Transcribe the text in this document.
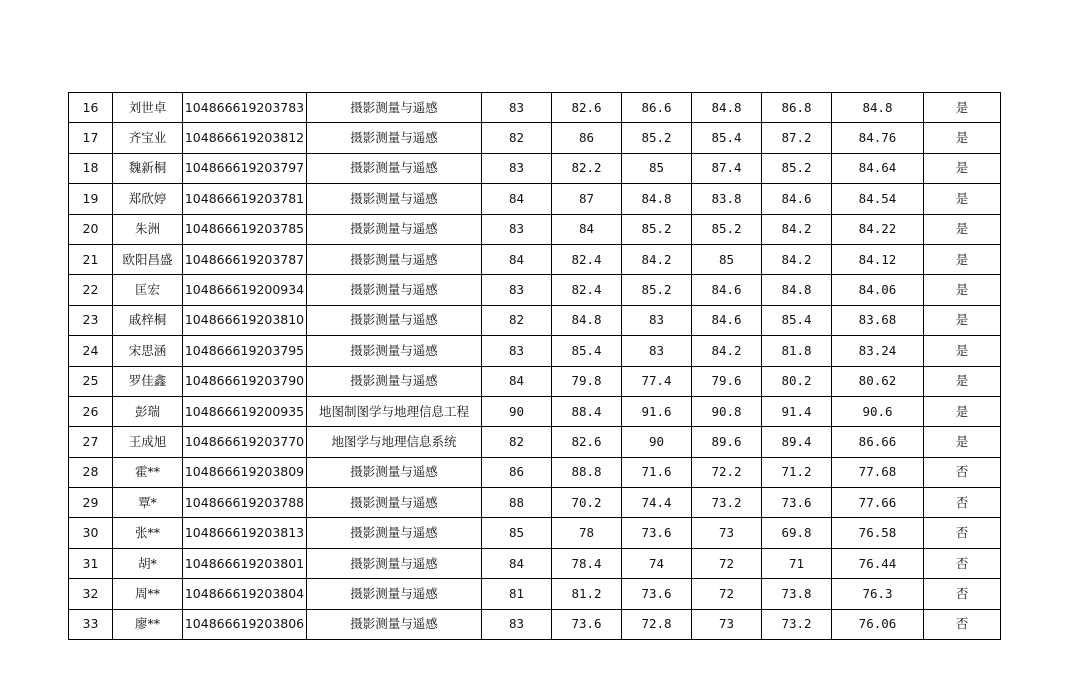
16	刘世卓	104866619203783	摄影测量与遥感	83	82.6	86.6	84.8	86.8	84.8	是
17	齐宝业	104866619203812	摄影测量与遥感	82	86	85.2	85.4	87.2	84.76	是
18	魏新桐	104866619203797	摄影测量与遥感	83	82.2	85	87.4	85.2	84.64	是
19	郑欣婷	104866619203781	摄影测量与遥感	84	87	84.8	83.8	84.6	84.54	是
20	朱洲	104866619203785	摄影测量与遥感	83	84	85.2	85.2	84.2	84.22	是
21	欧阳昌盛	104866619203787	摄影测量与遥感	84	82.4	84.2	85	84.2	84.12	是
22	匡宏	104866619200934	摄影测量与遥感	83	82.4	85.2	84.6	84.8	84.06	是
23	戚梓桐	104866619203810	摄影测量与遥感	82	84.8	83	84.6	85.4	83.68	是
24	宋思涵	104866619203795	摄影测量与遥感	83	85.4	83	84.2	81.8	83.24	是
25	罗佳鑫	104866619203790	摄影测量与遥感	84	79.8	77.4	79.6	80.2	80.62	是
26	彭瑞	104866619200935	地图制图学与地理信息工程	90	88.4	91.6	90.8	91.4	90.6	是
27	王成旭	104866619203770	地图学与地理信息系统	82	82.6	90	89.6	89.4	86.66	是
28	霍**	104866619203809	摄影测量与遥感	86	88.8	71.6	72.2	71.2	77.68	否
29	覃*	104866619203788	摄影测量与遥感	88	70.2	74.4	73.2	73.6	77.66	否
30	张**	104866619203813	摄影测量与遥感	85	78	73.6	73	69.8	76.58	否
31	胡*	104866619203801	摄影测量与遥感	84	78.4	74	72	71	76.44	否
32	周**	104866619203804	摄影测量与遥感	81	81.2	73.6	72	73.8	76.3	否
33	廖**	104866619203806	摄影测量与遥感	83	73.6	72.8	73	73.2	76.06	否
